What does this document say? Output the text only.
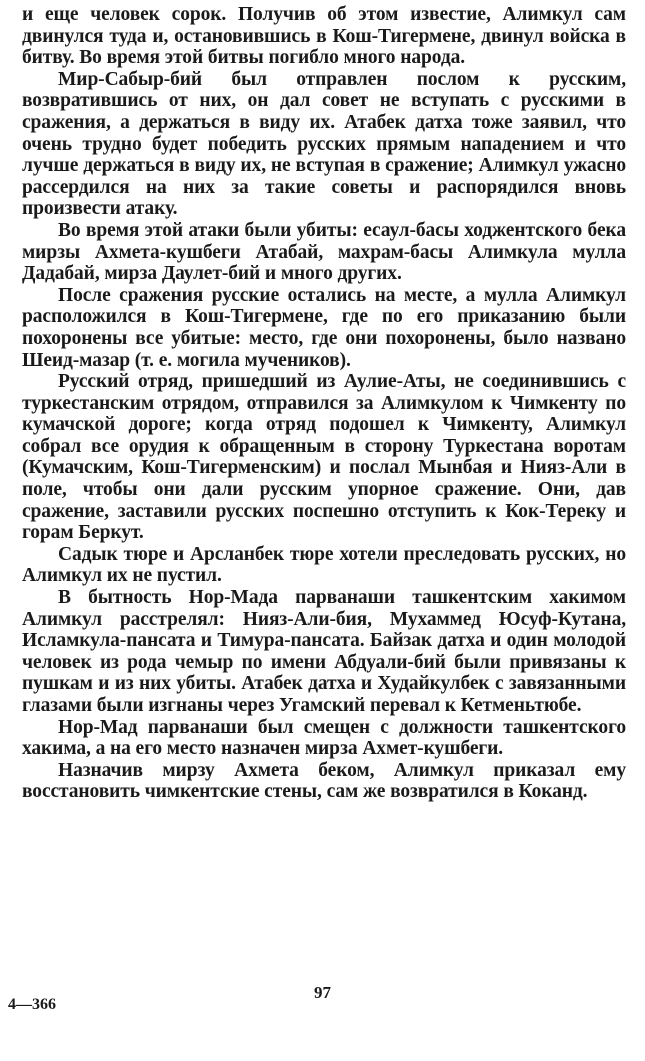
и еще человек сорок. Получив об этом известие, Алимкул сам двинулся туда и, остановившись в Кош-Тигермене, двинул войска в битву. Во время этой битвы погибло много народа.

Мир-Сабыр-бий был отправлен послом к русским, возвратившись от них, он дал совет не вступать с русскими в сражения, а держаться в виду их. Атабек датха тоже заявил, что очень трудно будет победить русских прямым нападением и что лучше держаться в виду их, не вступая в сражение; Алимкул ужасно рассердился на них за такие советы и распорядился вновь произвести атаку.

Во время этой атаки были убиты: есаул-басы ходжентского бека мирзы Ахмета-кушбеги Атабай, махрам-басы Алимкула мулла Дадабай, мирза Даулет-бий и много других.

После сражения русские остались на месте, а мулла Алимкул расположился в Кош-Тигермене, где по его приказанию были похоронены все убитые: место, где они похоронены, было названо Шеид-мазар (т. е. могила мучеников).

Русский отряд, пришедший из Аулие-Аты, не соединившись с туркестанским отрядом, отправился за Алимкулом к Чимкенту по кумачской дороге; когда отряд подошел к Чимкенту, Алимкул собрал все орудия к обращенным в сторону Туркестана воротам (Кумачским, Кош-Тигерменским) и послал Мынбая и Нияз-Али в поле, чтобы они дали русским упорное сражение. Они, дав сражение, заставили русских поспешно отступить к Кок-Тереку и горам Беркут.

Садык тюре и Арсланбек тюре хотели преследовать русских, но Алимкул их не пустил.

В бытность Нор-Мада парванаши ташкентским хакимом Алимкул расстрелял: Нияз-Али-бия, Мухаммед Юсуф-Кутана, Исламкула-пансата и Тимура-пансата. Байзак датха и один молодой человек из рода чемыр по имени Абдуали-бий были привязаны к пушкам и из них убиты. Атабек датха и Худайкулбек с завязанными глазами были изгнаны через Угамский перевал к Кетменьтюбе.

Нор-Мад парванаши был смещен с должности ташкентского хакима, а на его место назначен мирза Ахмет-кушбеги.

Назначив мирзу Ахмета беком, Алимкул приказал ему восстановить чимкентские стены, сам же возвратился в Коканд.

97
4—366
